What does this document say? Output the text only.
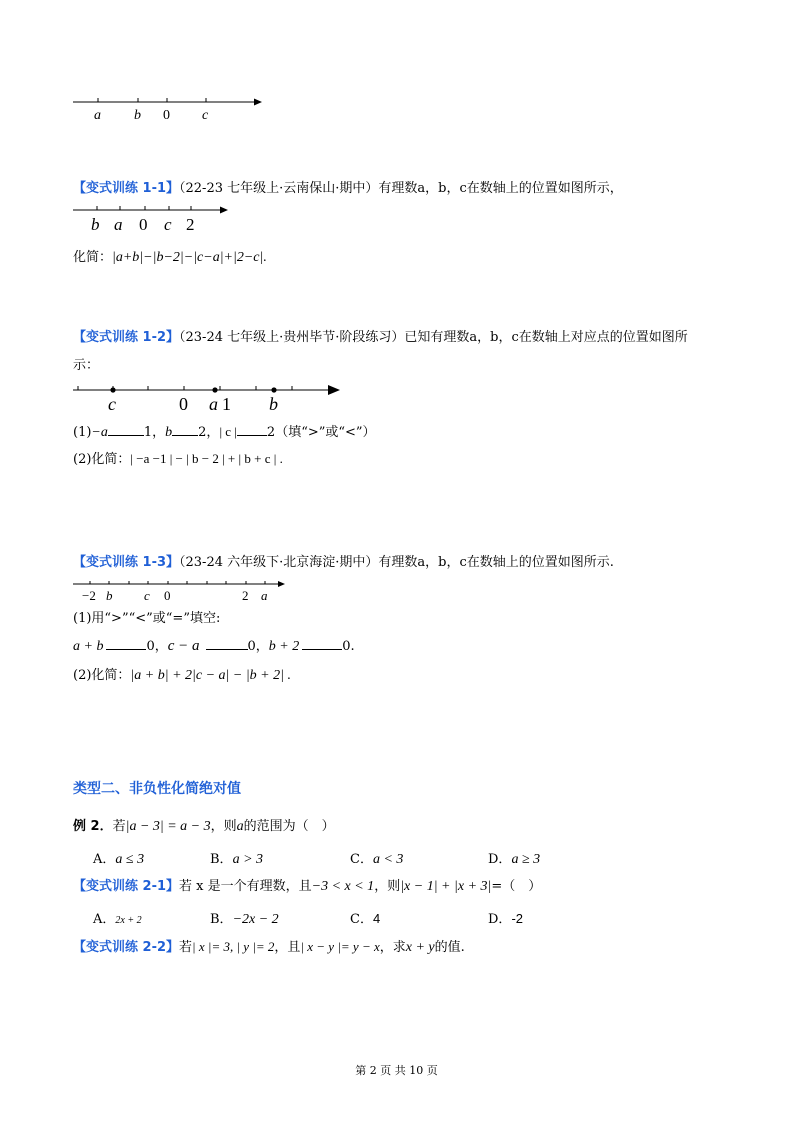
a b 0 c
【变式训练 1-1】（22-23 七年级上·云南保山·期中）有理数a，b，c在数轴上的位置如图所示，
b a 0 c 2
化简：|a+b|−|b−2|−|c−a|+|2−c|.
【变式训练 1-2】（23-24 七年级上·贵州毕节·阶段练习）已知有理数a，b，c在数轴上对应点的位置如图所
示：
c	0 a 1 b
(1)−a	1，b 2，| c | 2（填“>”或“<”）
(2)化简：| −a −1 | − | b − 2 | + | b + c | .
【变式训练 1-3】（23-24 六年级下·北京海淀·期中）有理数a，b，c在数轴上的位置如图所示.
−2 b c 0	2 a
(1)用“>”“<”或“=”填空:
a + b	0，c − a	0，b + 2	0.
(2)化简：|a + b| + 2|c − a| − |b + 2| .
类型二、非负性化简绝对值
例 2．若|a − 3| = a − 3，则a的范围为（　）
A．a ≤ 3	B．a > 3	C．a < 3	D．a ≥ 3
【变式训练 2-1】若 x 是一个有理数，且−3 < x < 1，则|x − 1| + |x + 3|=（　）
A．2x + 2	B．−2x − 2	C．4	D．-2
【变式训练 2-2】若| x |= 3, | y |= 2，且| x − y |= y − x，求x + y的值.
第 2 页 共 10 页
